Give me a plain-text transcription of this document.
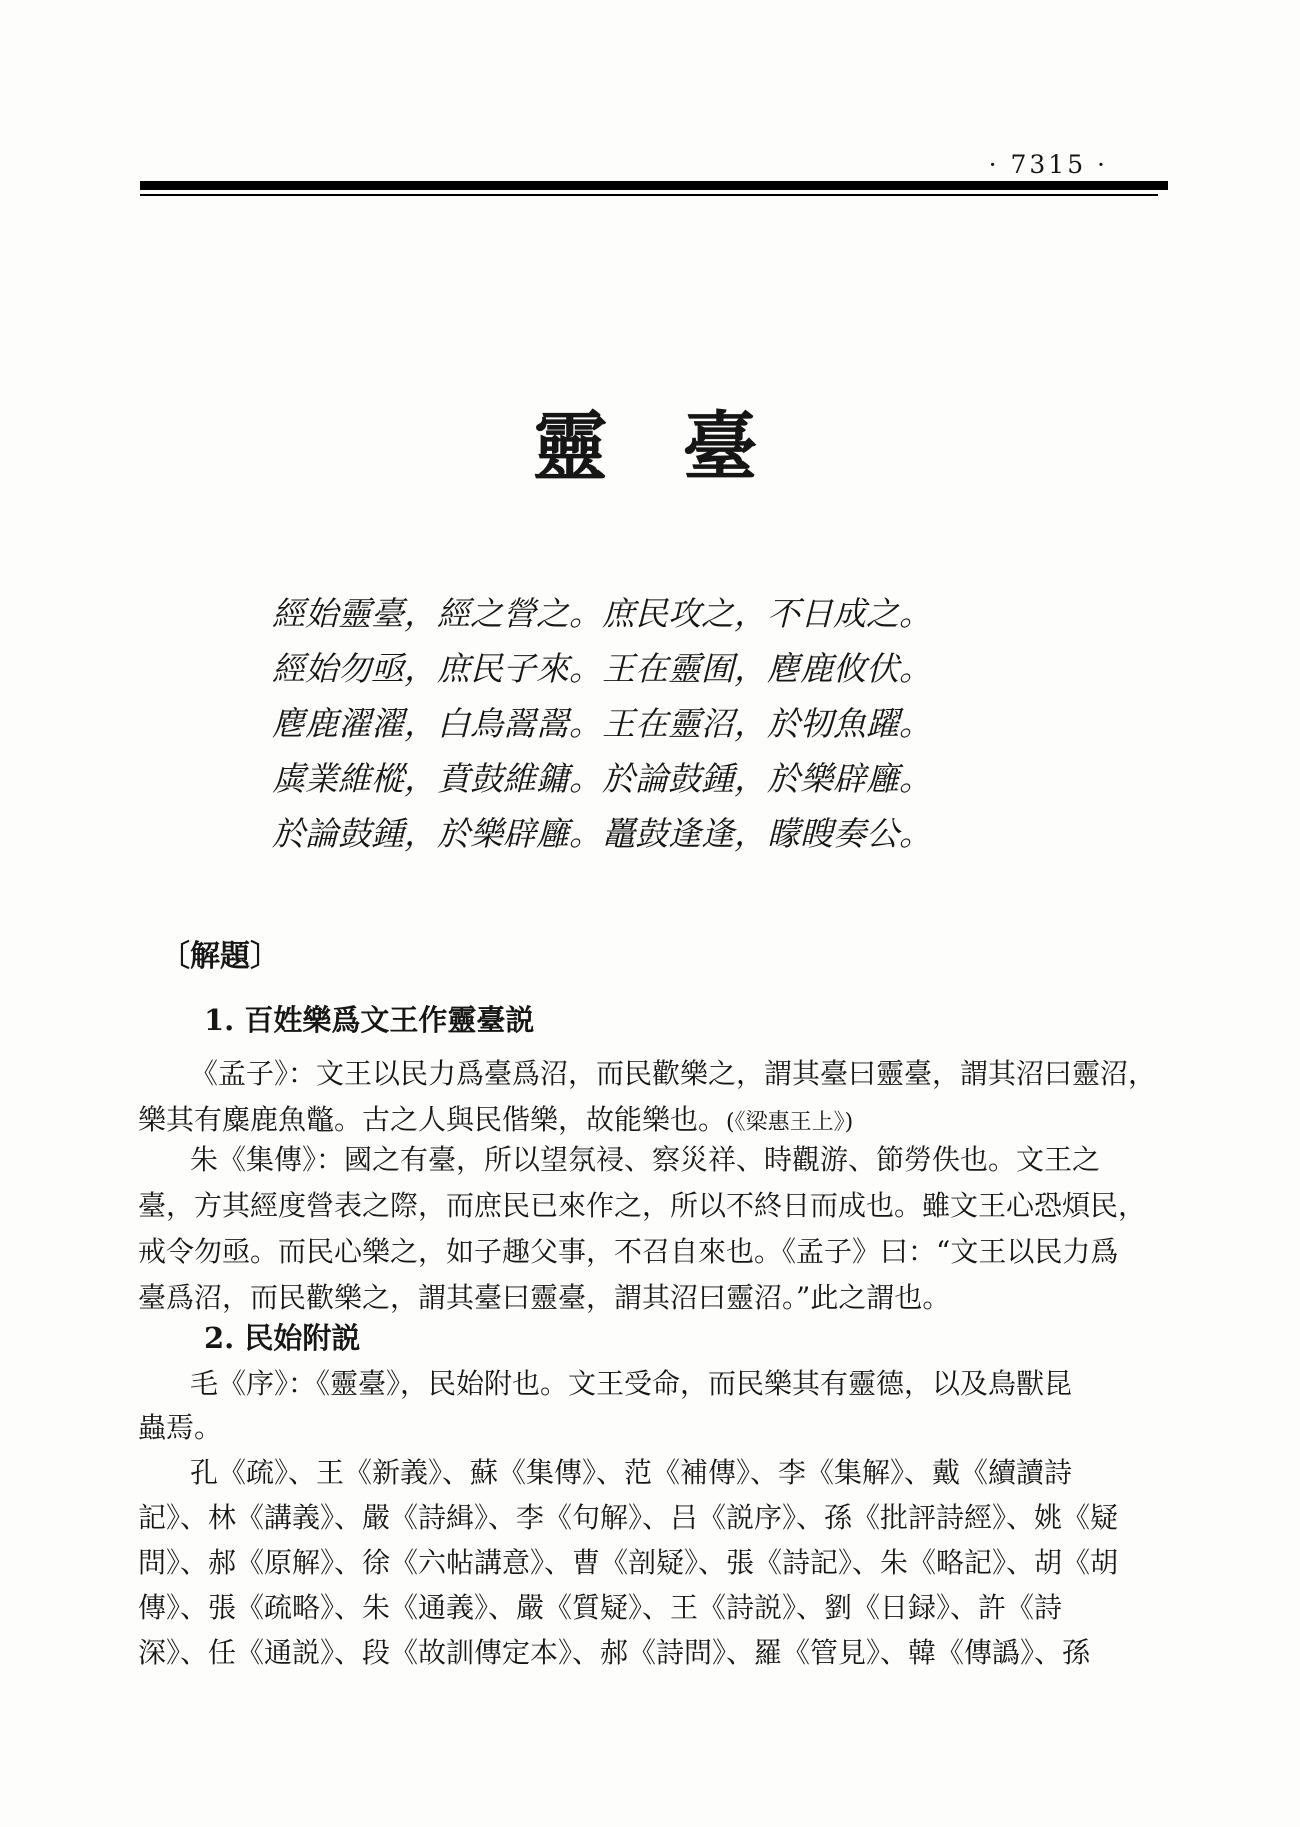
· 7315 ·
靈　臺
經始靈臺，經之營之。庶民攻之，不日成之。
經始勿亟，庶民子來。王在靈囿，麀鹿攸伏。
麀鹿濯濯，白鳥翯翯。王在靈沼，於牣魚躍。
虡業維樅，賁鼓維鏞。於論鼓鍾，於樂辟廱。
於論鼓鍾，於樂辟廱。鼉鼓逢逢，矇瞍奏公。
〔解題〕
1. 百姓樂爲文王作靈臺説
《孟子》：文王以民力爲臺爲沼，而民歡樂之，謂其臺曰靈臺，謂其沼曰靈沼，
樂其有麋鹿魚鼈。古之人與民偕樂，故能樂也。(《梁惠王上》)
朱《集傳》：國之有臺，所以望氛祲、察災祥、時觀游、節勞佚也。文王之
臺，方其經度營表之際，而庶民已來作之，所以不終日而成也。雖文王心恐煩民，
戒令勿亟。而民心樂之，如子趣父事，不召自來也。《孟子》曰：“文王以民力爲
臺爲沼，而民歡樂之，謂其臺曰靈臺，謂其沼曰靈沼。”此之謂也。
2. 民始附説
毛《序》：《靈臺》，民始附也。文王受命，而民樂其有靈德，以及鳥獸昆
蟲焉。
孔《疏》、王《新義》、蘇《集傳》、范《補傳》、李《集解》、戴《續讀詩
記》、林《講義》、嚴《詩緝》、李《句解》、吕《説序》、孫《批評詩經》、姚《疑
問》、郝《原解》、徐《六帖講意》、曹《剖疑》、張《詩記》、朱《略記》、胡《胡
傳》、張《疏略》、朱《通義》、嚴《質疑》、王《詩説》、劉《日録》、許《詩
深》、任《通説》、段《故訓傳定本》、郝《詩問》、羅《管見》、韓《傳譌》、孫
